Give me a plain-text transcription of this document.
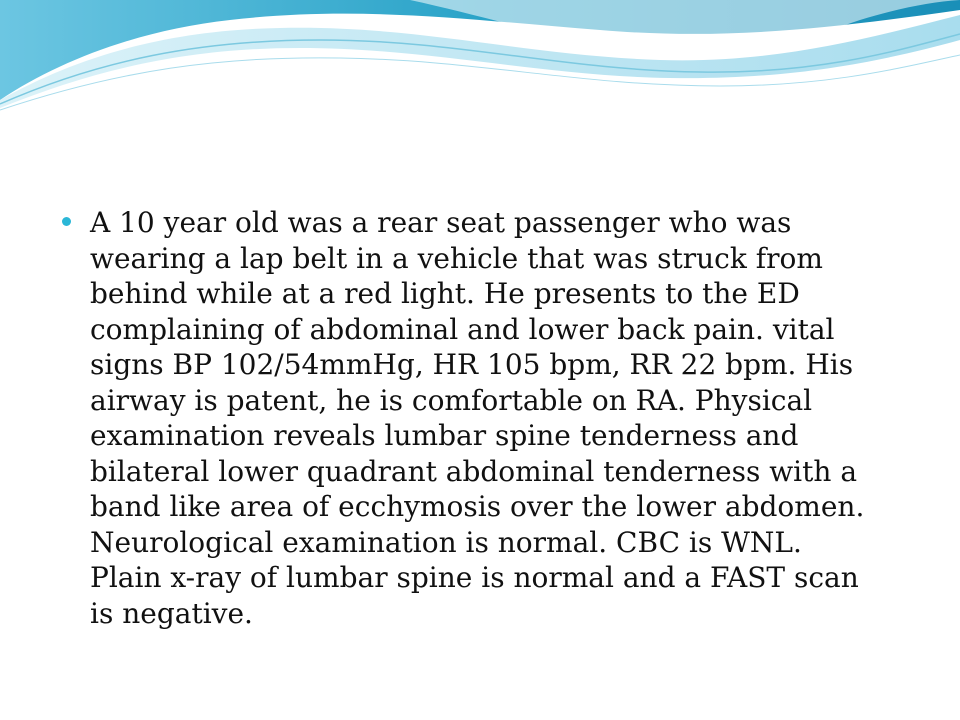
A 10 year old was a rear seat passenger who was
wearing a lap belt in a vehicle that was struck from
behind while at a red light. He presents to the ED
complaining of abdominal and lower back pain. vital
signs BP 102/54mmHg, HR 105 bpm, RR 22 bpm. His
airway is patent, he is comfortable on RA. Physical
examination reveals lumbar spine tenderness and
bilateral lower quadrant abdominal tenderness with a
band like area of ecchymosis over the lower abdomen.
Neurological examination is normal. CBC is WNL.
Plain x-ray of lumbar spine is normal and a FAST scan
is negative.
